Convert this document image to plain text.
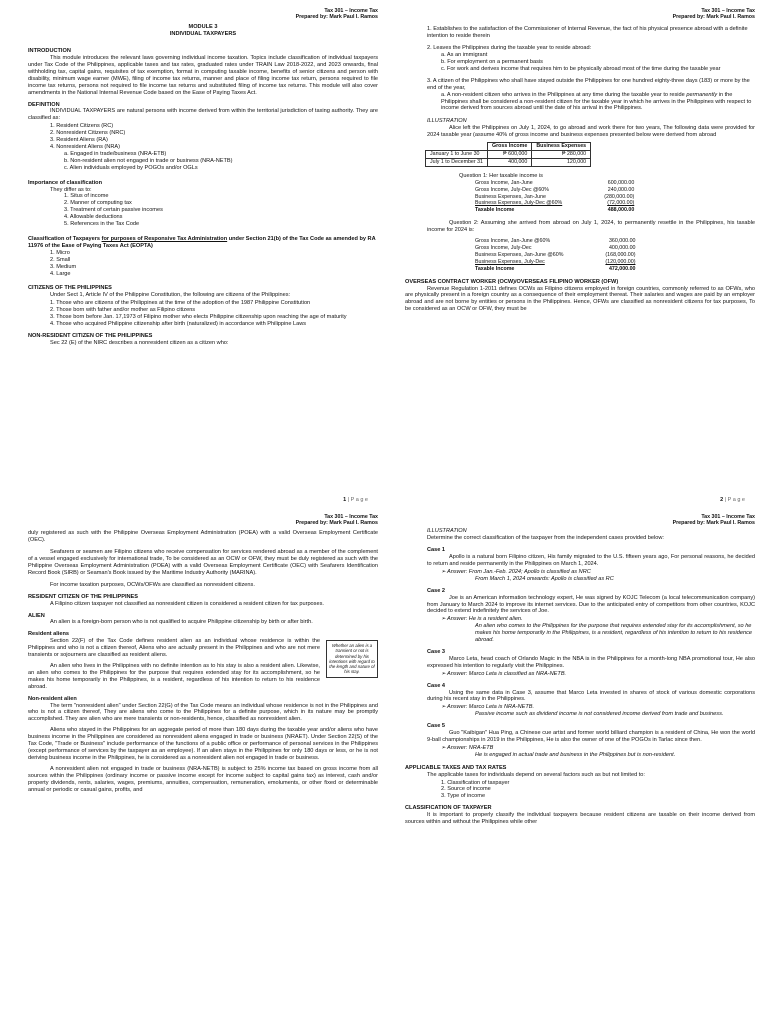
Tax 301 – Income Tax
Prepared by: Mark Paul I. Ramos
MODULE 3
INDIVIDUAL TAXPAYERS
INTRODUCTION

This module introduces the relevant laws governing individual income taxation. Topics include classification of individual taxpayers under Tax Code of the Philippines, applicable taxes and tax rates, graduated rates under TRAIN Law 2018-2022, and 2023 onwards, final withholding tax, capital gains, requisites of tax exemption, format in computing taxable income, benefits of senior citizens and person with disability, minimum wage earner (MWE), filing of income tax returns, manner and place of filing income tax return, persons required to file income tax returns, persons not required to file income tax returns and substituted filing of income tax returns. This module will also cover amendments in the National Internal Revenue Code based on the Ease of Paying Taxes Act.

DEFINITION

INDIVIDUAL TAXPAYERS are natural persons with income derived from within the territorial jurisdiction of taxing authority. They are classified as:

1. Resident Citizens (RC)
2. Nonresident Citizens (NRC)
3. Resident Aliens (RA)
4. Nonresident Aliens (NRA)
a. Engaged in trade/business (NRA-ETB)
b. Non-resident alien not engaged in trade or business (NRA-NETB)
c. Alien individuals employed by POGOs and/or OGLs
Importance of classification
They differ as to:
1. Situs of income
2. Manner of computing tax
3. Treatment of certain passive incomes
4. Allowable deductions
5. References in the Tax Code
Classification of Taxpayers for purposes of Responsive Tax Administration under Section 21(b) of the Tax Code as amended by RA 11976 of the Ease of Paying Taxes Act (EOPTA)
1. Micro
2. Small
3. Medium
4. Large
CITIZENS OF THE PHILIPPINES

Under Sect 1, Article IV of the Philippine Constitution, the following are citizens of the Philippines:

1. Those who are citizens of the Philippines at the time of the adoption of the 1987 Philippine Constitution
2. Those born with father and/or mother as Filipino citizens
3. Those born before Jan. 17,1973 of Filipino mother who elects Philippine citizenship upon reaching the age of maturity
4. Those who acquired Philippine citizenship after birth (naturalized) in accordance with Philippine Laws
NON-RESIDENT CITIZEN OF THE PHILIPPINES

Sec 22 (E) of the NIRC describes a nonresident citizen as a citizen who:

1 | P a g e
Tax 301 – Income Tax
Prepared by: Mark Paul I. Ramos
1. Establishes to the satisfaction of the Commissioner of Internal Revenue, the fact of his physical presence abroad with a definite intention to reside therein
2. Leaves the Philippines during the taxable year to reside abroad:
a. As an immigrant
b. For employment on a permanent basis
c. For work and derives income that requires him to be physically abroad most of the time during the taxable year
3. A citizen of the Philippines who shall have stayed outside the Philippines for one hundred eighty-three days (183) or more by the end of the year,
a. A non-resident citizen who arrives in the Philippines at any time during the taxable year to reside permanently in the Philippines shall be considered a non-resident citizen for the taxable year in which he arrives in the Philippines with respect to income derived from sources abroad until the date of his arrival in the Philippines.
ILLUSTRATION

Alice left the Philippines on July 1, 2024, to go abroad and work there for two years, The following data were provided for 2024 taxable year (assume 40% of gross income and business expenses presented below were derived from abroad

	Gross Income	Business Expenses
January 1 to June 30	₱ 600,000	₱ 280,000
July 1 to December 31	400,000	120,000
Question 1: Her taxable income is
Gross Income, Jan-June	600,000.00
Gross Income, July-Dec @60%	240,000.00
Business Expenses, Jan-June	(280,000.00)
Business Expenses, July-Dec @60%	(72,000.00)
Taxable Income	488,000.00

Question 2: Assuming she arrived from abroad on July 1, 2024, to permanently resettle in the Philippines, his taxable income for 2024 is:

Gross Income, Jan-June @60%	360,000.00
Gross Income, July-Dec	400,000.00
Business Expenses, Jan-June @60%	(168,000.00)
Business Expenses, July-Dec	(120,000.00)
Taxable Income	472,000.00
OVERSEAS CONTRACT WORKER (OCW)/OVERSEAS FILIPINO WORKER (OFW)

Revenue Regulation 1-2011 defines OCWs as Filipino citizens employed in foreign countries, commonly referred to as OFWs, who are physically present in a foreign country as a consequence of their employment thereat. Their salaries and wages are paid by an employer abroad and are not borne by entities or persons in the Philippines. Hence, OFWs are classified as nonresident citizens for tax purposes, To be considered as an OCW or OFW, they must be

2 | P a g e
Tax 301 – Income Tax
Prepared by: Mark Paul I. Ramos

duly registered as such with the Philippine Overseas Employment Administration (POEA) with a valid Overseas Employment Certificate (OEC).

Seafarers or seamen are Filipino citizens who receive compensation for services rendered abroad as a member of the complement of a vessel engaged exclusively for international trade, To be considered as an OCW or OFW, they must be duly registered as such with the Philippine Overseas Employment Administration (POEA) with a valid Overseas Employment Certificate (OEC) with Seafarers Identification Record Book (SIRB) or Seaman's Book issued by the Maritime Industry Authority (MARINA).

For income taxation purposes, OCWs/OFWs are classified as nonresident citizens.

RESIDENT CITIZEN OF THE PHILIPPINES

A Filipino citizen taxpayer not classified as nonresident citizen is considered a resident citizen for tax purposes.

ALIEN

An alien is a foreign-born person who is not qualified to acquire Philippine citizenship by birth or after birth.

Resident aliens
Whether an alien is a transient or not is determined by his intentions with regard to the length and nature of his stay.

Section 22(F) of the Tax Code defines resident alien as an individual whose residence is within the Philippines and who is not a citizen thereof, Aliens who are actually present in the Philippines and who are not mere transients or sojourners are classified as resident aliens.

An alien who lives in the Philippines with no definite intention as to his stay is also a resident alien. Likewise, an alien who comes to the Philippines for the purpose that requires extended stay for its accomplishment, so he makes his home temporarily in the Philippines, is a resident, regardless of his intention to return to his residence abroad.

Non-resident alien

The term "nonresident alien" under Section 22(G) of the Tax Code means an individual whose residence is not in the Philippines and who is not a citizen thereof, They are aliens who come to the Philippines for a definite purpose, which in its nature may be promptly accomplished. They are alien who are mere transients or non-residents, hence, classified as nonresident alien.

Aliens who stayed in the Philippines for an aggregate period of more than 180 days during the taxable year and/or aliens who have business income in the Philippines are considered as nonresident aliens engaged in trade or business (NRAET). Under Section 22(S) of the Tax Code, "Trade or Business" include performance of the functions of a public office or performance of personal services in the Philippines (except performance of services by the taxpayer as an employee). If an alien stays in the Philippines for only 180 days or less, or he is not deriving business income in the Philippines, he is considered as a nonresident alien not engaged in trade or business.

A nonresident alien not engaged in trade or business (NRA-NETB) is subject to 25% income tax based on gross income from all sources within the Philippines (ordinary income or passive income except for income subject to capital gains tax) as interest, cash and/or property dividends, rents, salaries, wages, premiums, annuities, compensation, remuneration, emoluments, or other fixed or determinable annual or periodic or casual gains, profits, and

Tax 301 – Income Tax
Prepared by: Mark Paul I. Ramos
ILLUSTRATION

Determine the correct classification of the taxpayer from the independent cases provided below:

Case 1

Apollo is a natural born Filipino citizen, His family migrated to the U.S. fifteen years ago, For personal reasons, he decided to return and reside permanently in the Philippines on March 1, 2024.

➢ Answer: From Jan.-Feb. 2024; Apollo is classified as NRC
From March 1, 2024 onwards: Apollo is classified as RC
Case 2

Joe is an American information technology expert, He was signed by KOJC Telecom (a local telecommunication company) from January to March 2024 to improve its internet services. Due to the anticipated entry of competitors from other countries, KOJC decided to extend indefinitely the services of Joe.

➢ Answer: He is a resident alien.
An alien who comes to the Philippines for the purpose that requires extended stay for its accomplishment, so he makes his home temporarily in the Philippines, is a resident, regardless of his intention to return to his residence abroad.
Case 3

Marco Leta, head coach of Orlando Magic in the NBA is in the Philippines for a month-long NBA promotional tour, He also expressed his intention to regularly visit the Philippines.

➢ Answer: Marco Leta is classified as NRA-NETB.
Case 4

Using the same data in Case 3, assume that Marco Leta invested in shares of stock of various domestic corporations during his recent stay in the Philippines.

➢ Answer: Marco Leta is NRA-NETB.
Passive income such as dividend income is not considered income derived from trade and business.
Case 5

Guo "Kaibigan" Hua Ping, a Chinese cue artist and former world billiard champion is a resident of China, He won the world 9-ball championships in 2019 in the Philippines, He is also the owner of one of the POGOs in Tarlac since then.

➢ Answer: NRA-ETB
He is engaged in actual trade and business in the Philippines but is non-resident.
APPLICABLE TAXES AND TAX RATES

The applicable taxes for individuals depend on several factors such as but not limited to:

1. Classification of taxpayer
2. Source of income
3. Type of income
CLASSIFICATION OF TAXPAYER

It is important to properly classify the individual taxpayers because resident citizens are taxable on their income derived from sources within and without the Philippines while other
